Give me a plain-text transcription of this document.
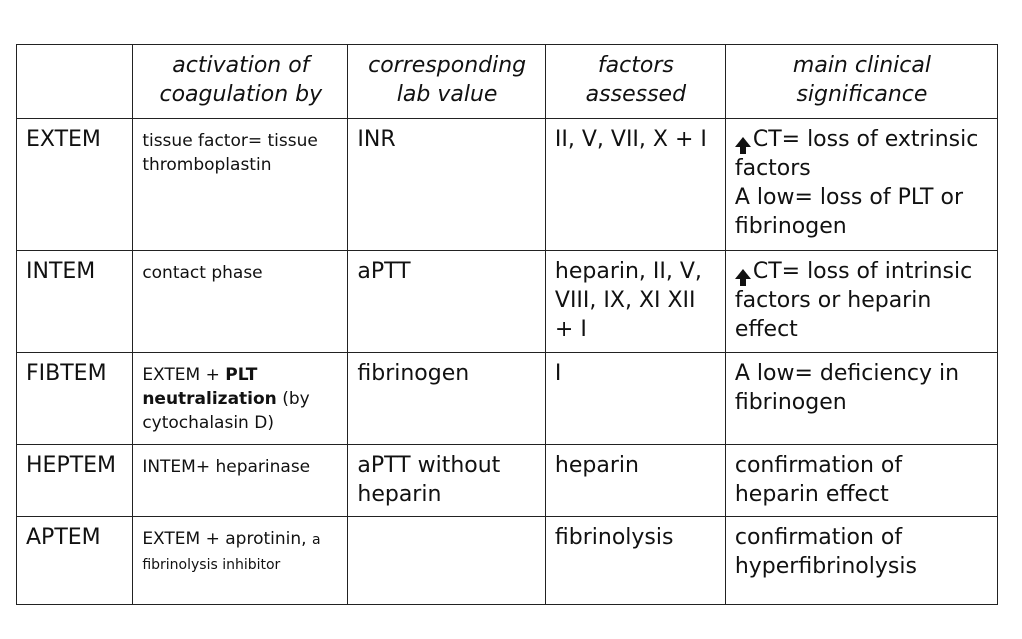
	activation of coagulation by	corresponding lab value	factors assessed	main clinical significance
EXTEM	tissue factor= tissue thromboplastin	INR	II, V, VII, X + I	CT= loss of extrinsic factors
A low= loss of PLT or fibrinogen
INTEM	contact phase	aPTT	heparin, II, V, VIII, IX, XI XII + I	CT= loss of intrinsic factors or heparin effect
FIBTEM	EXTEM + PLT neutralization (by cytochalasin D)	fibrinogen	I	A low= deficiency in fibrinogen
HEPTEM	INTEM+ heparinase	aPTT without heparin	heparin	confirmation of heparin effect
APTEM	EXTEM + aprotinin, a fibrinolysis inhibitor		fibrinolysis	confirmation of hyperfibrinolysis
